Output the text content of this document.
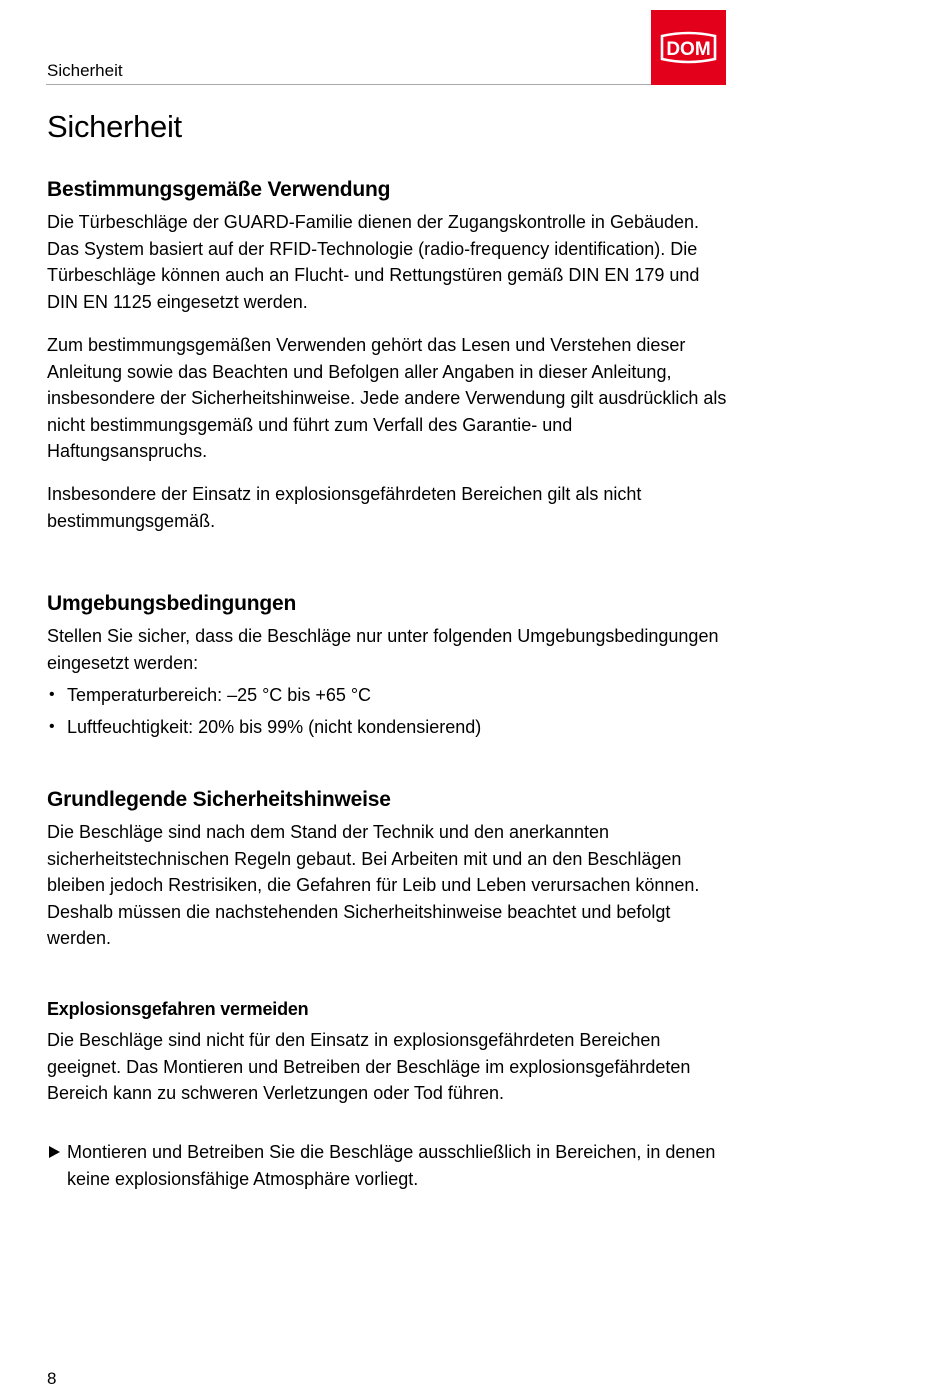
Sicherheit
DOM
Sicherheit
Bestimmungsgemäße Verwendung

Die Türbeschläge der GUARD-Familie dienen der Zugangskontrolle in Gebäuden. Das System basiert auf der RFID-Technologie (radio-frequency identification). Die Türbeschläge können auch an Flucht- und Rettungstüren gemäß DIN EN 179 und DIN EN 1125 eingesetzt werden.

Zum bestimmungsgemäßen Verwenden gehört das Lesen und Verstehen dieser Anleitung sowie das Beachten und Befolgen aller Angaben in dieser Anleitung, insbesondere der Sicherheitshinweise. Jede andere Verwendung gilt ausdrücklich als nicht bestimmungsgemäß und führt zum Verfall des Garantie- und Haftungsanspruchs.

Insbesondere der Einsatz in explosionsgefährdeten Bereichen gilt als nicht bestimmungsgemäß.

Umgebungsbedingungen

Stellen Sie sicher, dass die Beschläge nur unter folgenden Umgebungsbedingungen eingesetzt werden:

• Temperaturbereich: –25 °C bis +65 °C
• Luftfeuchtigkeit: 20% bis 99% (nicht kondensierend)
Grundlegende Sicherheitshinweise

Die Beschläge sind nach dem Stand der Technik und den anerkannten sicherheitstechnischen Regeln gebaut. Bei Arbeiten mit und an den Beschlägen bleiben jedoch Restrisiken, die Gefahren für Leib und Leben verursachen können. Deshalb müssen die nachstehenden Sicherheitshinweise beachtet und befolgt werden.

Explosionsgefahren vermeiden

Die Beschläge sind nicht für den Einsatz in explosionsgefährdeten Bereichen geeignet. Das Montieren und Betreiben der Beschläge im explosionsgefährdeten Bereich kann zu schweren Verletzungen oder Tod führen.

Montieren und Betreiben Sie die Beschläge ausschließlich in Bereichen, in denen keine explosionsfähige Atmosphäre vorliegt.
8
